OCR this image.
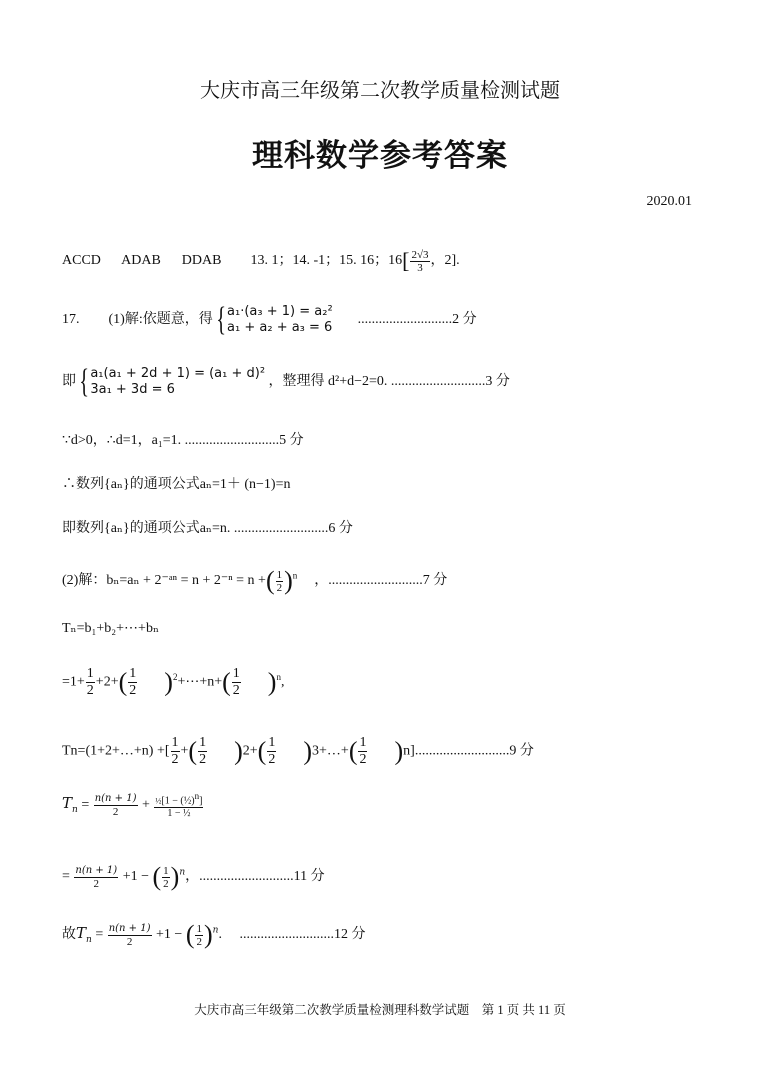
大庆市高三年级第二次教学质量检测试题
理科数学参考答案
2020.01
ACCD      ADAB      DDAB 13. 1；14. -1；15. 16；$16[ \frac{2√3}{3}$ ，2].
17. (1)解:依题意，得{ a₁·(a₃ + 1) = a₂²
a₁ + a₂ + a₃ = 6
...........................2 分
即{ a₁(a₁ + 2d + 1) = (a₁ + d)²
3a₁ + 3d = 6
，整理得 d²+d−2=0. ...........................3 分
∵d>0，∴d=1，a₁=1. ...........................5 分
∴数列{aₙ}的通项公式aₙ=1＋ (n−1)=n
即数列{aₙ}的通项公式aₙ=n. ...........................6 分
(2)解：bₙ=aₙ + 2⁻ᵃⁿ = n + 2⁻ⁿ = n +( $\frac{1}{2} )^n$ ，...........................7 分
Tₙ=b₁+b₂+⋯+bₙ
$=1+ \frac{1}{2} +2+( \frac{1}{2}$ )$^2+\cdots+n+( \frac{1}{2} )^n$,
Tn=(1+2+…+n) +[ $\frac{1}{2}$ +( $\frac{1}{2} )2+( \frac{1}{2}$ )3+…+( $\frac{1}{2} )n]...........................9$ 分
$T_n = \frac{n(n + 1)}{2} + \frac{\frac{1}{2}[1 - (\frac{1}{2})^n]}{\text{1 − ½}}$
= $\frac{n(n + 1)}{2} +1$ − ( $\frac{1}{2} )^n$，...........................11 分
故$T_n = \frac{n(n + 1)}{2} +1$ − ( $\frac{1}{2} )^n$.     ...........................12 分
大庆市高三年级第二次教学质量检测理科数学试题　第 1 页 共 11 页
